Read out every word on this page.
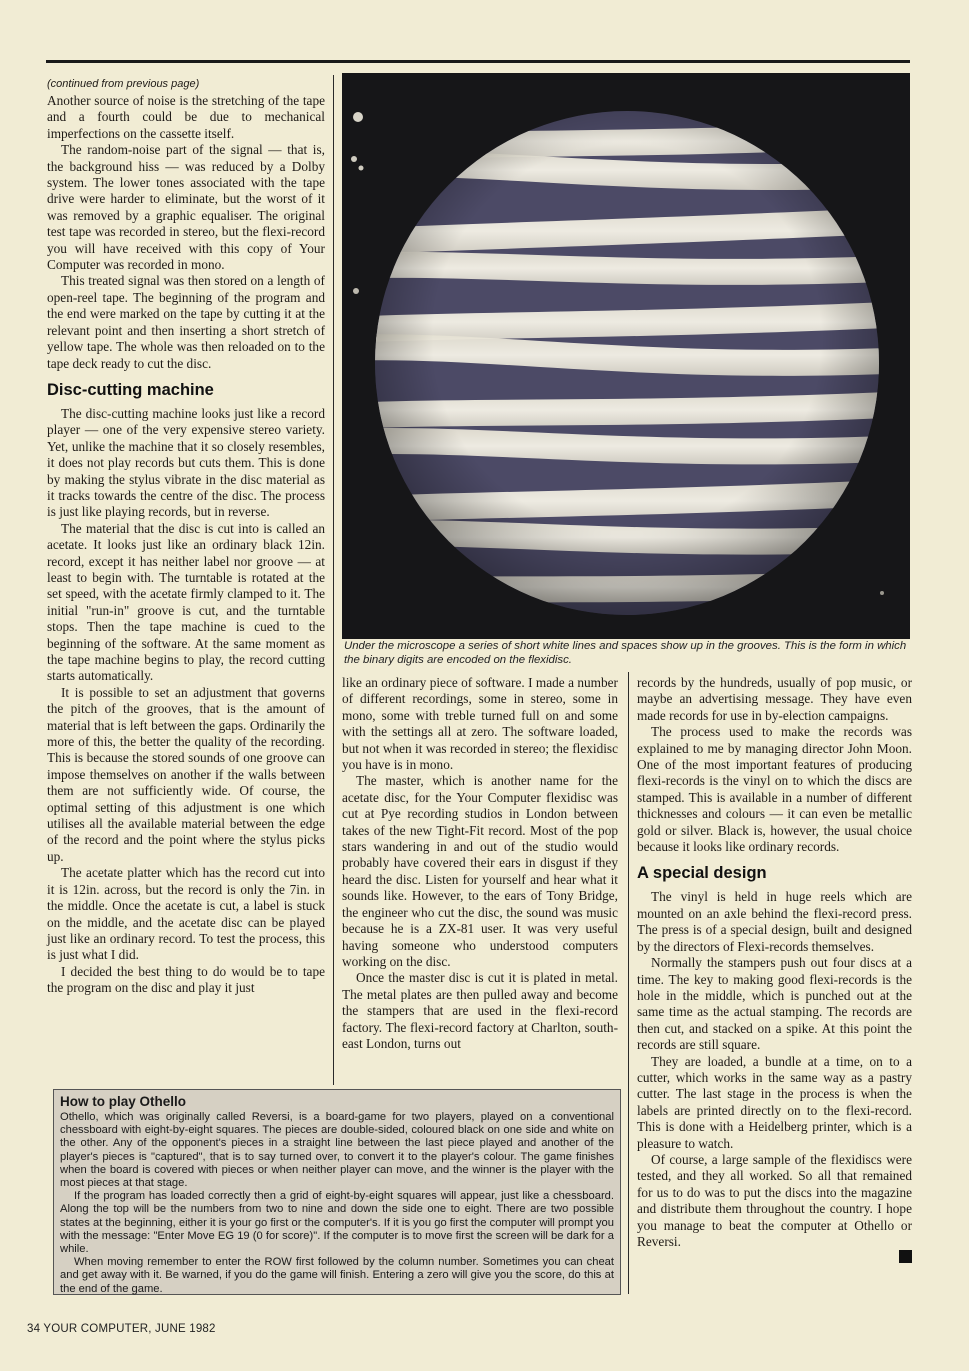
(continued from previous page)

Another source of noise is the stretching of the tape and a fourth could be due to mechanical imperfections on the cassette itself.

The random-noise part of the signal — that is, the background hiss — was reduced by a Dolby system. The lower tones associated with the tape drive were harder to eliminate, but the worst of it was removed by a graphic equaliser. The original test tape was recorded in stereo, but the flexi-record you will have received with this copy of Your Computer was recorded in mono.

This treated signal was then stored on a length of open-reel tape. The beginning of the program and the end were marked on the tape by cutting it at the relevant point and then inserting a short stretch of yellow tape. The whole was then reloaded on to the tape deck ready to cut the disc.

Disc-cutting machine

The disc-cutting machine looks just like a record player — one of the very expensive stereo variety. Yet, unlike the machine that it so closely resembles, it does not play records but cuts them. This is done by making the stylus vibrate in the disc material as it tracks towards the centre of the disc. The process is just like playing records, but in reverse.

The material that the disc is cut into is called an acetate. It looks just like an ordinary black 12in. record, except it has neither label nor groove — at least to begin with. The turntable is rotated at the set speed, with the acetate firmly clamped to it. The initial "run-in" groove is cut, and the turntable stops. Then the tape machine is cued to the beginning of the software. At the same moment as the tape machine begins to play, the record cutting starts automatically.

It is possible to set an adjustment that governs the pitch of the grooves, that is the amount of material that is left between the gaps. Ordinarily the more of this, the better the quality of the recording. This is because the stored sounds of one groove can impose themselves on another if the walls between them are not sufficiently wide. Of course, the optimal setting of this adjustment is one which utilises all the available material between the edge of the record and the point where the stylus picks up.

The acetate platter which has the record cut into it is 12in. across, but the record is only the 7in. in the middle. Once the acetate is cut, a label is stuck on the middle, and the acetate disc can be played just like an ordinary record. To test the process, this is just what I did.

I decided the best thing to do would be to tape the program on the disc and play it just

Under the microscope a series of short white lines and spaces show up in the grooves. This is the form in which the binary digits are encoded on the flexidisc.

like an ordinary piece of software. I made a number of different recordings, some in stereo, some in mono, some with treble turned full on and some with the settings all at zero. The software loaded, but not when it was recorded in stereo; the flexidisc you have is in mono.

The master, which is another name for the acetate disc, for the Your Computer flexidisc was cut at Pye recording studios in London between takes of the new Tight-Fit record. Most of the pop stars wandering in and out of the studio would probably have covered their ears in disgust if they heard the disc. Listen for yourself and hear what it sounds like. However, to the ears of Tony Bridge, the engineer who cut the disc, the sound was music because he is a ZX-81 user. It was very useful having someone who understood computers working on the disc.

Once the master disc is cut it is plated in metal. The metal plates are then pulled away and become the stampers that are used in the flexi-record factory. The flexi-record factory at Charlton, south-east London, turns out

records by the hundreds, usually of pop music, or maybe an advertising message. They have even made records for use in by-election campaigns.

The process used to make the records was explained to me by managing director John Moon. One of the most important features of producing flexi-records is the vinyl on to which the discs are stamped. This is available in a number of different thicknesses and colours — it can even be metallic gold or silver. Black is, however, the usual choice because it looks like ordinary records.

A special design

The vinyl is held in huge reels which are mounted on an axle behind the flexi-record press. The press is of a special design, built and designed by the directors of Flexi-records themselves.

Normally the stampers push out four discs at a time. The key to making good flexi-records is the hole in the middle, which is punched out at the same time as the actual stamping. The records are then cut, and stacked on a spike. At this point the records are still square.

They are loaded, a bundle at a time, on to a cutter, which works in the same way as a pastry cutter. The last stage in the process is when the labels are printed directly on to the flexi-record. This is done with a Heidelberg printer, which is a pleasure to watch.

Of course, a large sample of the flexidiscs were tested, and they all worked. So all that remained for us to do was to put the discs into the magazine and distribute them throughout the country. I hope you manage to beat the computer at Othello or Reversi.

How to play Othello

Othello, which was originally called Reversi, is a board-game for two players, played on a conventional chessboard with eight-by-eight squares. The pieces are double-sided, coloured black on one side and white on the other. Any of the opponent's pieces in a straight line between the last piece played and another of the player's pieces is "captured", that is to say turned over, to convert it to the player's colour. The game finishes when the board is covered with pieces or when neither player can move, and the winner is the player with the most pieces at that stage.

If the program has loaded correctly then a grid of eight-by-eight squares will appear, just like a chessboard. Along the top will be the numbers from two to nine and down the side one to eight. There are two possible states at the beginning, either it is your go first or the computer's. If it is you go first the computer will prompt you with the message: "Enter Move EG 19 (0 for score)". If the computer is to move first the screen will be dark for a while.

When moving remember to enter the ROW first followed by the column number. Sometimes you can cheat and get away with it. Be warned, if you do the game will finish. Entering a zero will give you the score, do this at the end of the game.

34 YOUR COMPUTER, JUNE 1982
